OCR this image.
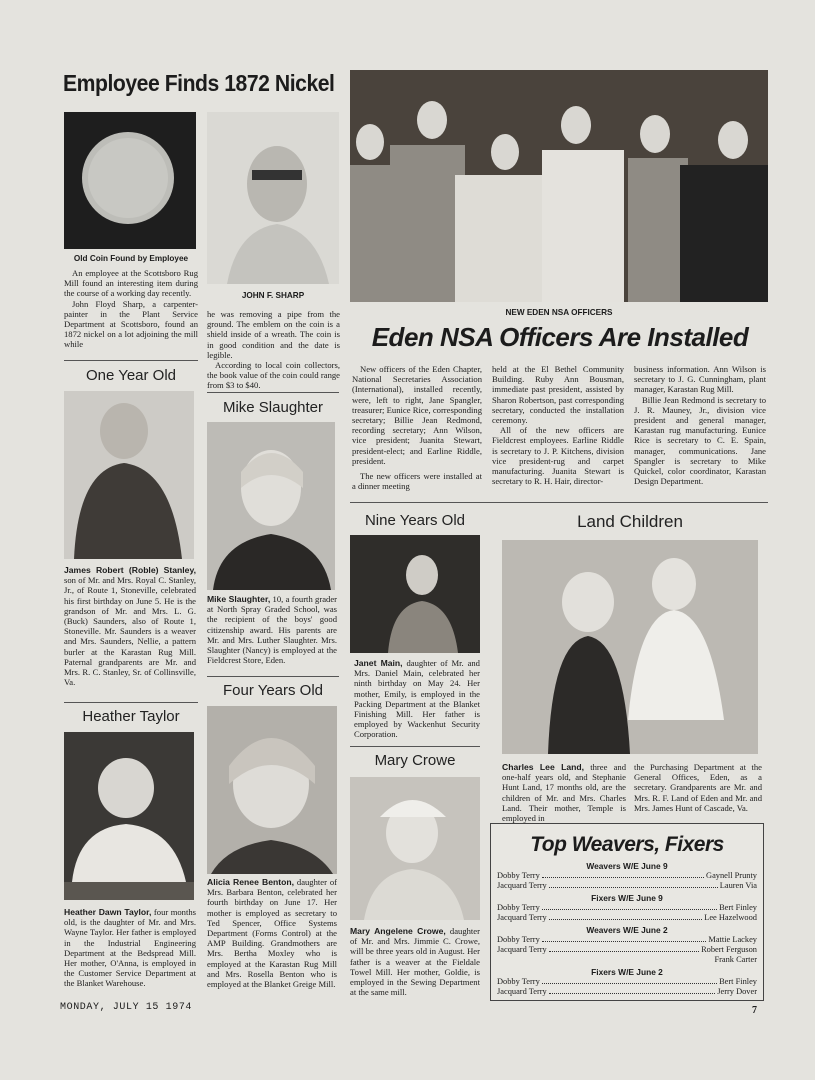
Employee Finds 1872 Nickel
Old Coin Found by Employee
JOHN F. SHARP

An employee at the Scottsboro Rug Mill found an interesting item during the course of a working day recently.

John Floyd Sharp, a carpenter-painter in the Plant Service Department at Scottsboro, found an 1872 nickel on a lot adjoining the mill while

he was removing a pipe from the ground. The emblem on the coin is a shield inside of a wreath. The coin is in good condition and the date is legible.

According to local coin collectors, the book value of the coin could range from $3 to $40.

NEW EDEN NSA OFFICERS
Eden NSA Officers Are Installed

New officers of the Eden Chapter, National Secretaries Association (International), installed recently, were, left to right, Jane Spangler, treasurer; Eunice Rice, corresponding secretary; Billie Jean Redmond, recording secretary; Ann Wilson, vice president; Juanita Stewart, president-elect; and Earline Riddle, president.

The new officers were installed at a dinner meeting

held at the El Bethel Community Building. Ruby Ann Bousman, immediate past president, assisted by Sharon Robertson, past corresponding secretary, conducted the installation ceremony.

All of the new officers are Fieldcrest employees. Earline Riddle is secretary to J. P. Kitchens, division vice president-rug and carpet manufacturing. Juanita Stewart is secretary to R. H. Hair, director-

business information. Ann Wilson is secretary to J. G. Cunningham, plant manager, Karastan Rug Mill.

Billie Jean Redmond is secretary to J. R. Mauney, Jr., division vice president and general manager, Karastan rug manufacturing. Eunice Rice is secretary to C. E. Spain, manager, communications. Jane Spangler is secretary to Mike Quickel, color coordinator, Karastan Design Department.

One Year Old
James Robert (Roble) Stanley, son of Mr. and Mrs. Royal C. Stanley, Jr., of Route 1, Stoneville, celebrated his first birthday on June 5. He is the grandson of Mr. and Mrs. L. G. (Buck) Saunders, also of Route 1, Stoneville. Mr. Saunders is a weaver and Mrs. Saunders, Nellie, a pattern burler at the Karastan Rug Mill. Paternal grandparents are Mr. and Mrs. R. C. Stanley, Sr. of Collinsville, Va.
Mike Slaughter
Mike Slaughter, 10, a fourth grader at North Spray Graded School, was the recipient of the boys' good citizenship award. His parents are Mr. and Mrs. Luther Slaughter. Mrs. Slaughter (Nancy) is employed at the Fieldcrest Store, Eden.
Nine Years Old
Janet Main, daughter of Mr. and Mrs. Daniel Main, celebrated her ninth birthday on May 24. Her mother, Emily, is employed in the Packing Department at the Blanket Finishing Mill. Her father is employed by Wackenhut Security Corporation.
Land Children
Charles Lee Land, three and one-half years old, and Stephanie Hunt Land, 17 months old, are the children of Mr. and Mrs. Charles Land. Their mother, Temple is employed in
the Purchasing Department at the General Offices, Eden, as a secretary. Grandparents are Mr. and Mrs. R. F. Land of Eden and Mr. and Mrs. James Hunt of Cascade, Va.
Heather Taylor
Heather Dawn Taylor, four months old, is the daughter of Mr. and Mrs. Wayne Taylor. Her father is employed in the Industrial Engineering Department at the Bedspread Mill. Her mother, O'Anna, is employed in the Customer Service Department at the Blanket Warehouse.
Four Years Old
Alicia Renee Benton, daughter of Mrs. Barbara Benton, celebrated her fourth birthday on June 17. Her mother is employed as secretary to Ted Spencer, Office Systems Department (Forms Control) at the AMP Building. Grandmothers are Mrs. Bertha Moxley who is employed at the Karastan Rug Mill and Mrs. Rosella Benton who is employed at the Blanket Greige Mill.
Mary Crowe
Mary Angelene Crowe, daughter of Mr. and Mrs. Jimmie C. Crowe, will be three years old in August. Her father is a weaver at the Fieldale Towel Mill. Her mother, Goldie, is employed in the Sewing Department at the same mill.
Top Weavers, Fixers
Weavers W/E June 9
Dobby Terry	Gaynell Prunty
Jacquard Terry	Lauren Via
Fixers W/E June 9
Dobby Terry	Bert Finley
Jacquard Terry	Lee Hazelwood
Weavers W/E June 2
Dobby Terry	Mattie Lackey
Jacquard Terry	Robert Ferguson
Frank Carter
Fixers W/E June 2
Dobby Terry	Bert Finley
Jacquard Terry	Jerry Dover
MONDAY, JULY 15 1974	7
